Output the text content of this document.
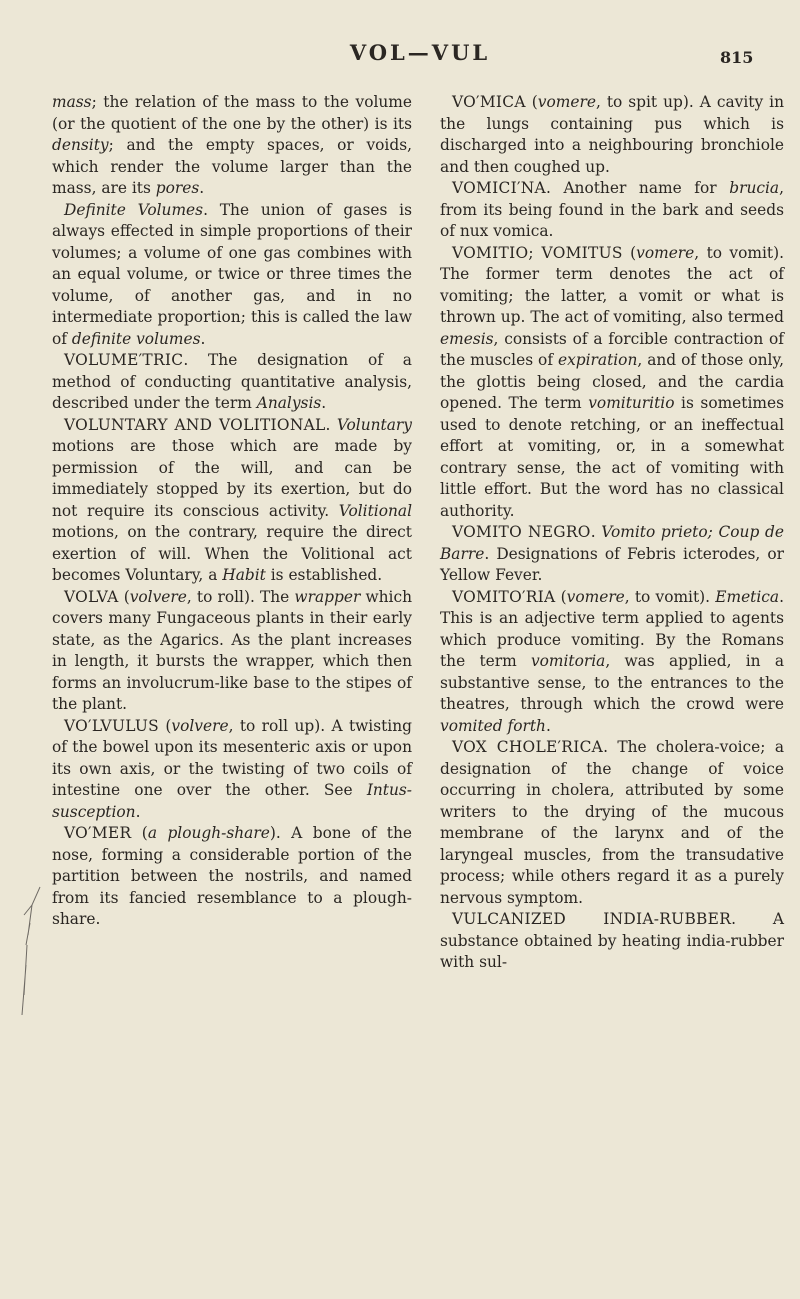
VOL—VUL	815

mass; the relation of the mass to the volume (or the quotient of the one by the other) is its density; and the empty spaces, or voids, which render the volume larger than the mass, are its pores.

Definite Volumes. The union of gases is always effected in simple proportions of their volumes; a volume of one gas combines with an equal volume, or twice or three times the volume, of another gas, and in no intermediate proportion; this is called the law of definite volumes.

VOLUME′TRIC. The designation of a method of conducting quantitative analysis, described under the term Analysis.

VOLUNTARY AND VOLITIONAL. Voluntary motions are those which are made by permission of the will, and can be immediately stopped by its exertion, but do not require its conscious activity. Volitional motions, on the contrary, require the direct exertion of will. When the Volitional act becomes Voluntary, a Habit is established.

VOLVA (volvere, to roll). The wrapper which covers many Fungaceous plants in their early state, as the Agarics. As the plant increases in length, it bursts the wrapper, which then forms an involucrum-like base to the stipes of the plant.

VO′LVULUS (volvere, to roll up). A twisting of the bowel upon its mesenteric axis or upon its own axis, or the twisting of two coils of intestine one over the other. See Intus-susception.

VO′MER (a plough-share). A bone of the nose, forming a considerable portion of the partition between the nostrils, and named from its fancied resemblance to a plough-share.

VO′MICA (vomere, to spit up). A cavity in the lungs containing pus which is discharged into a neighbouring bronchiole and then coughed up.

VOMICI′NA. Another name for brucia, from its being found in the bark and seeds of nux vomica.

VOMITIO; VOMITUS (vomere, to vomit). The former term denotes the act of vomiting; the latter, a vomit or what is thrown up. The act of vomiting, also termed emesis, consists of a forcible contraction of the muscles of expiration, and of those only, the glottis being closed, and the cardia opened. The term vomituritio is sometimes used to denote retching, or an ineffectual effort at vomiting, or, in a somewhat contrary sense, the act of vomiting with little effort. But the word has no classical authority.

VOMITO NEGRO. Vomito prieto; Coup de Barre. Designations of Febris icterodes, or Yellow Fever.

VOMITO′RIA (vomere, to vomit). Emetica. This is an adjective term applied to agents which produce vomiting. By the Romans the term vomitoria, was applied, in a substantive sense, to the entrances to the theatres, through which the crowd were vomited forth.

VOX CHOLE′RICA. The cholera-voice; a designation of the change of voice occurring in cholera, attributed by some writers to the drying of the mucous membrane of the larynx and of the laryngeal muscles, from the transudative process; while others regard it as a purely nervous symptom.

VULCANIZED INDIA-RUBBER. A substance obtained by heating india-rubber with sul-
